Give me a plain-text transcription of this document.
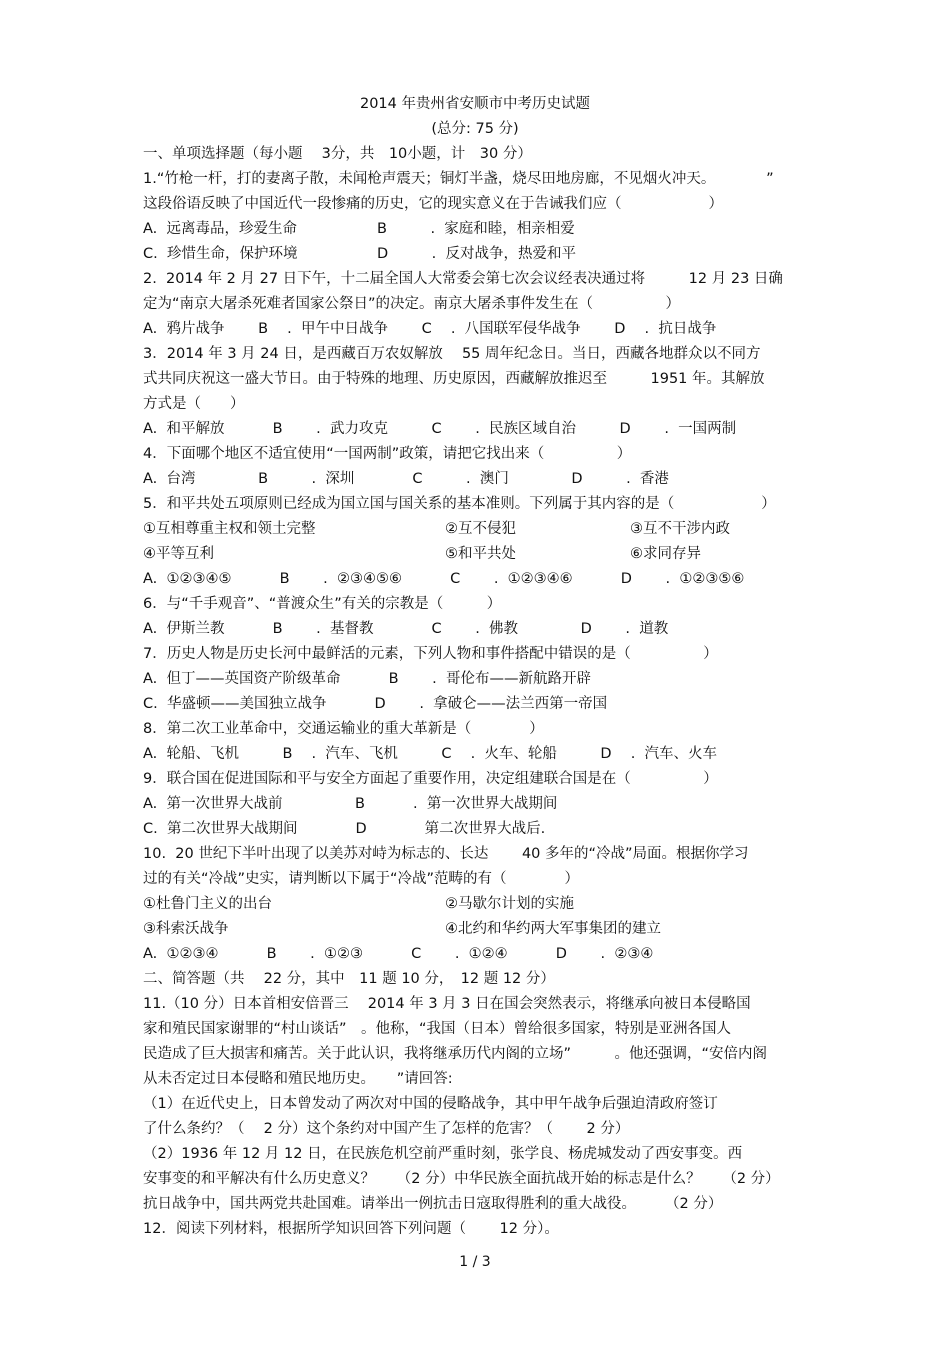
2014 年贵州省安顺市中考历史试题
(总分: 75 分)
一、单项选择题（每小题　 3分，共　10小题，计　30 分）
1.“竹枪一杆，打的妻离子散，未闻枪声震天；铜灯半盏，烧尽田地房廊，不见烟火冲天。　　　　”
这段俗语反映了中国近代一段惨痛的历史，它的现实意义在于告诫我们应（　　　　　　）
A.  远离毒品，珍爱生命	B　　　.  家庭和睦，相亲相爱
C.  珍惜生命，保护环境	D　　　.  反对战争，热爱和平
2.  2014 年 2 月 27 日下午，十二届全国人大常委会第七次会议经表决通过将　　　12 月 23 日确
定为“南京大屠杀死难者国家公祭日”的决定。南京大屠杀事件发生在（　　　　　）
A.  鸦片战争　　 B　 .  甲午中日战争　　 C　 .  八国联军侵华战争　　 D　 .  抗日战争
3．2014 年 3 月 24 日，是西藏百万农奴解放　 55 周年纪念日。当日，西藏各地群众以不同方
式共同庆祝这一盛大节日。由于特殊的地理、历史原因，西藏解放推迟至　　　1951 年。其解放
方式是（　　）
A.  和平解放　　　 B　　 .  武力攻克　　　C　　 .  民族区域自治　　　D　　 .  一国两制
4．下面哪个地区不适宜使用“一国两制”政策，请把它找出来（　　　　　）
A.  台湾　　　　 B　　　.  深圳　　　　C　　　.  澳门　　　　 D　　　.  香港
5．和平共处五项原则已经成为国立国与国关系的基本准则。下列属于其内容的是（　　　　　　）
①互相尊重主权和领土完整	②互不侵犯	③互不干涉内政
④平等互利	⑤和平共处	⑥求同存异
A.  ①②③④⑤　　　 B　　 .  ②③④⑤⑥　　　 C　　 .  ①②③④⑥　　　 D　　 .  ①②③⑤⑥
6．与“千手观音”、“普渡众生”有关的宗教是（　　　）
A.  伊斯兰教　　　 B　　 .  基督教　　　　C　　 .  佛教　　　　 D　　 .  道教
7．历史人物是历史长河中最鲜活的元素，下列人物和事件搭配中错误的是（　　　　　）
A.  但丁——英国资产阶级革命　　　 B　　 .  哥伦布——新航路开辟
C.  华盛顿——美国独立战争　　　 D　　 .  拿破仑——法兰西第一帝国
8．第二次工业革命中，交通运输业的重大革新是（　　　　）
A.  轮船、飞机　　　B　 .  汽车、飞机　　　C　 .  火车、轮船　　　D　 .  汽车、火车
9．联合国在促进国际和平与安全方面起了重要作用，决定组建联合国是在（　　　　　）
A.  第一次世界大战前　　　　　B　　　 .  第一次世界大战期间
C.  第二次世界大战期间　　　　D　　　　第二次世界大战后.
10.  20 世纪下半叶出现了以美苏对峙为标志的、长达　　 40 多年的“冷战”局面。根据你学习
过的有关“冷战”史实，请判断以下属于“冷战”范畴的有（　　　　）
①杜鲁门主义的出台	②马歇尔计划的实施
③科索沃战争	④北约和华约两大军事集团的建立
A.  ①②③④　　　 B　　 .  ①②③　　　 C　　 .  ①②④　　　 D　　 .  ②③④
二、简答题（共　 22 分，其中　11 题 10 分，　12 题 12 分）
11.（10 分）日本首相安倍晋三　 2014 年 3 月 3 日在国会突然表示，将继承向被日本侵略国
家和殖民国家谢罪的“村山谈话”　。他称，“我国（日本）曾给很多国家，特别是亚洲各国人
民造成了巨大损害和痛苦。关于此认识，我将继承历代内阁的立场”　　　。他还强调，“安倍内阁
从未否定过日本侵略和殖民地历史。　　”请回答:
（1）在近代史上，日本曾发动了两次对中国的侵略战争，其中甲午战争后强迫清政府签订
了什么条约？（　 2 分）这个条约对中国产生了怎样的危害？（　　 2 分）
（2）1936 年 12 月 12 日，在民族危机空前严重时刻，张学良、杨虎城发动了西安事变。西
安事变的和平解决有什么历史意义？　　（2 分）中华民族全面抗战开始的标志是什么？　　（2 分）
抗日战争中，国共两党共赴国难。请举出一例抗击日寇取得胜利的重大战役。　　　（2 分）
12．阅读下列材料，根据所学知识回答下列问题（　　 12 分）。
1 / 3
